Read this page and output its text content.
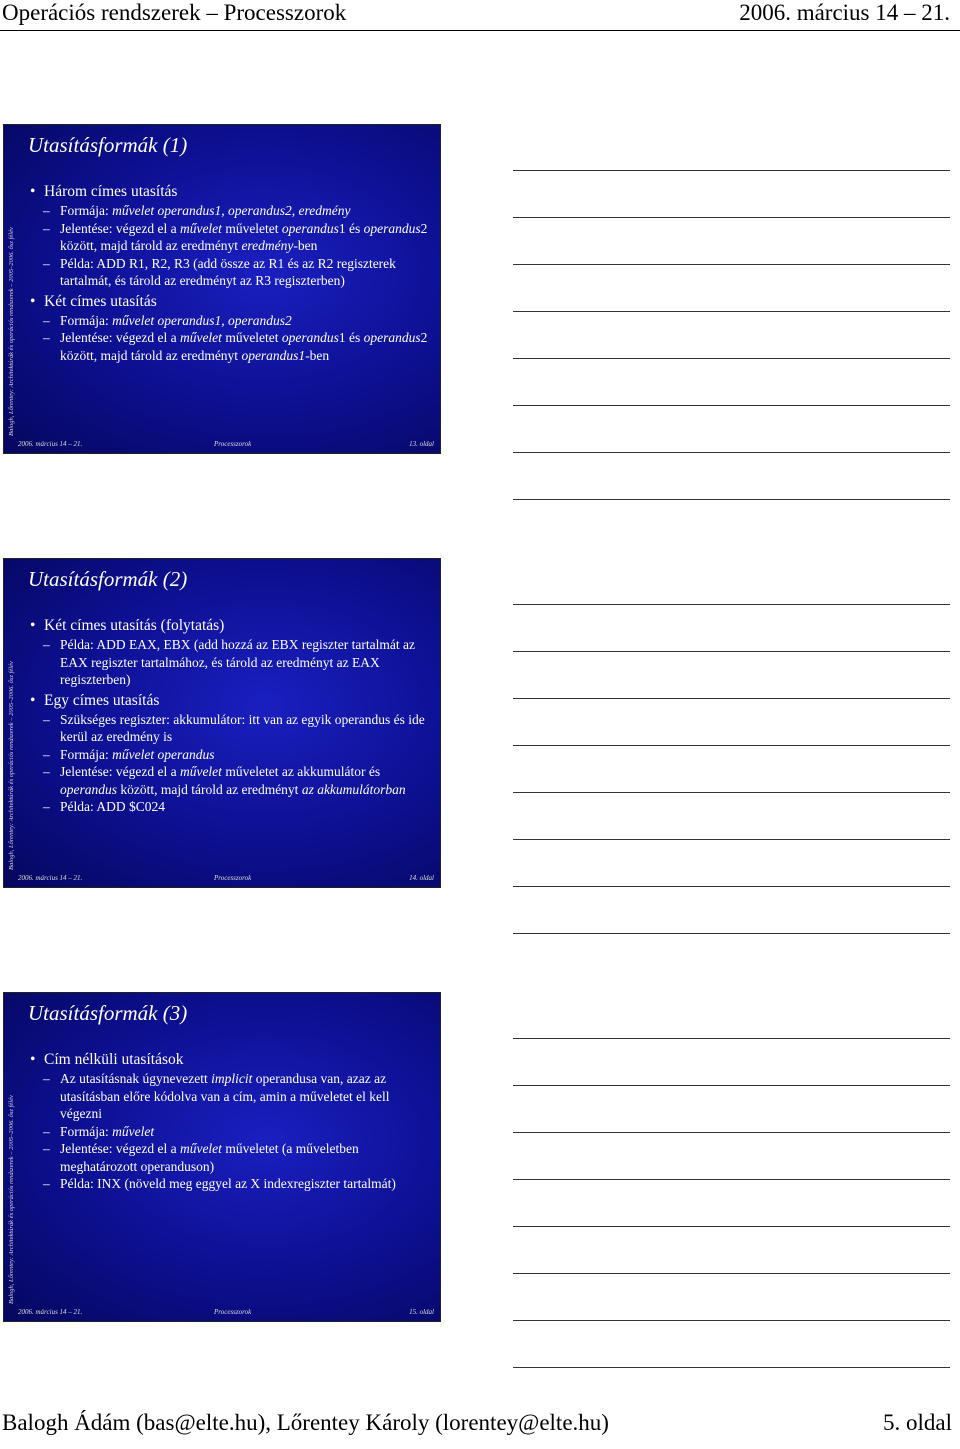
Operációs rendszerek – Processzorok	2006. március 14 – 21.
Utasításformák (1)
Balogh, Lőrentey: Architektúrák és operációs rendszerek – 2005–2006. ősz félév
• Három címes utasítás
– Formája: művelet operandus1, operandus2, eredmény
– Jelentése: végezd el a művelet műveletet operandus1 és operandus2 között, majd tárold az eredményt eredmény-ben
– Példa: ADD R1, R2, R3 (add össze az R1 és az R2 regiszterek tartalmát, és tárold az eredményt az R3 regiszterben)
• Két címes utasítás
– Formája: művelet operandus1, operandus2
– Jelentése: végezd el a művelet műveletet operandus1 és operandus2 között, majd tárold az eredményt operandus1-ben
2006. március 14 – 21.	Processzorok	13. oldal
Utasításformák (2)
Balogh, Lőrentey: Architektúrák és operációs rendszerek – 2005–2006. ősz félév
• Két címes utasítás (folytatás)
– Példa: ADD EAX, EBX (add hozzá az EBX regiszter tartalmát az EAX regiszter tartalmához, és tárold az eredményt az EAX regiszterben)
• Egy címes utasítás
– Szükséges regiszter: akkumulátor: itt van az egyik operandus és ide kerül az eredmény is
– Formája: művelet operandus
– Jelentése: végezd el a művelet műveletet az akkumulátor és operandus között, majd tárold az eredményt az akkumulátorban
– Példa: ADD $C024
2006. március 14 – 21.	Processzorok	14. oldal
Utasításformák (3)
Balogh, Lőrentey: Architektúrák és operációs rendszerek – 2005–2006. ősz félév
• Cím nélküli utasítások
– Az utasításnak úgynevezett implicit operandusa van, azaz az utasításban előre kódolva van a cím, amin a műveletet el kell végezni
– Formája: művelet
– Jelentése: végezd el a művelet műveletet (a műveletben meghatározott operanduson)
– Példa: INX (növeld meg eggyel az X indexregiszter tartalmát)
2006. március 14 – 21.	Processzorok	15. oldal
Balogh Ádám (bas@elte.hu), Lőrentey Károly (lorentey@elte.hu)	5. oldal
